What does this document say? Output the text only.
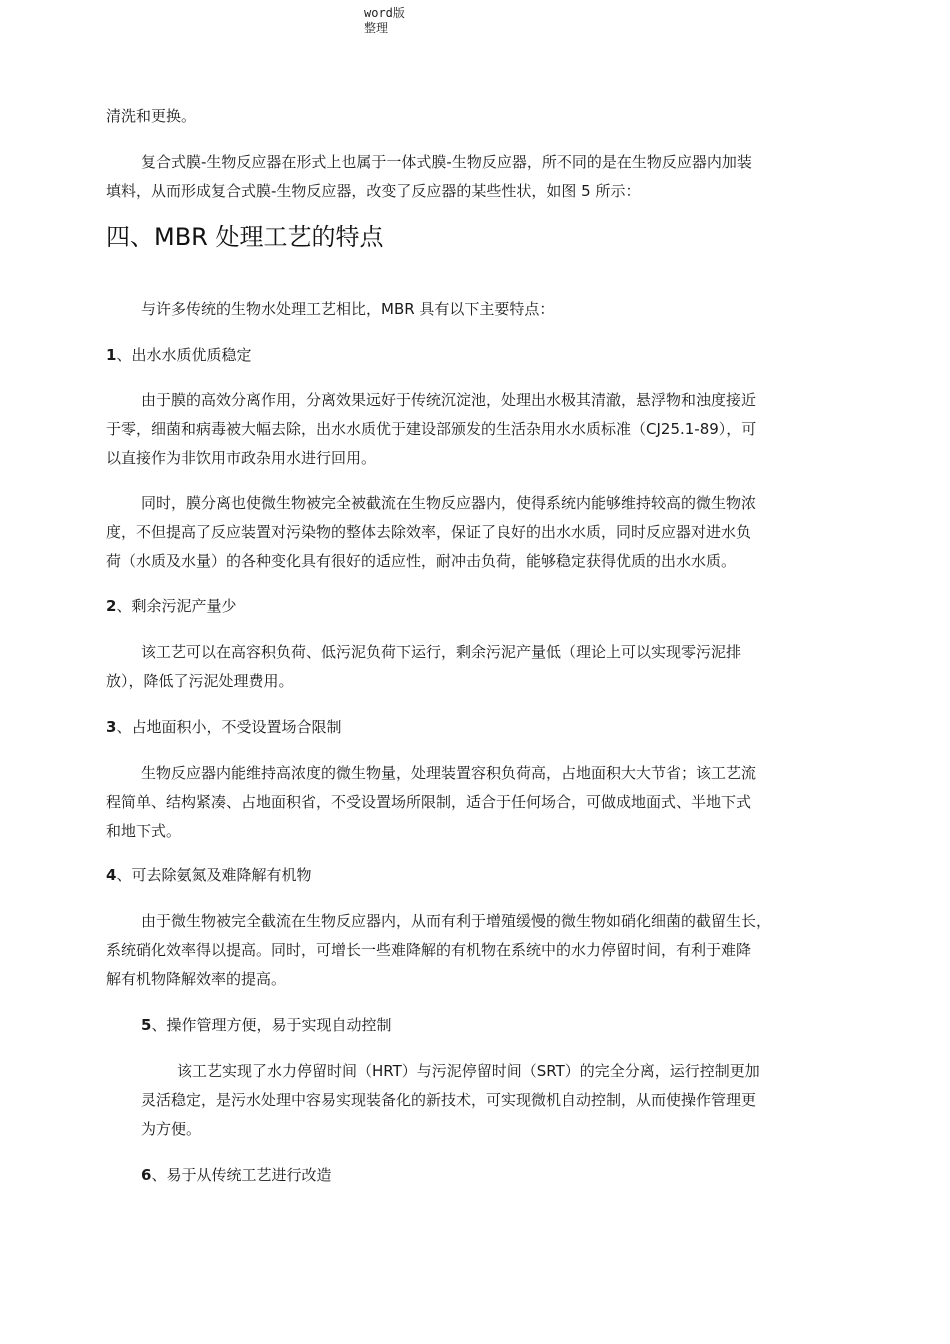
word版
整理

清洗和更换。

复合式膜-生物反应器在形式上也属于一体式膜-生物反应器，所不同的是在生物反应器内加装

填料，从而形成复合式膜-生物反应器，改变了反应器的某些性状，如图 5 所示：

四、MBR 处理工艺的特点

与许多传统的生物水处理工艺相比，MBR 具有以下主要特点：

1、出水水质优质稳定

由于膜的高效分离作用，分离效果远好于传统沉淀池，处理出水极其清澈，悬浮物和浊度接近

于零，细菌和病毒被大幅去除，出水水质优于建设部颁发的生活杂用水水质标准（CJ25.1-89），可

以直接作为非饮用市政杂用水进行回用。

同时，膜分离也使微生物被完全被截流在生物反应器内，使得系统内能够维持较高的微生物浓

度，不但提高了反应装置对污染物的整体去除效率，保证了良好的出水水质，同时反应器对进水负

荷（水质及水量）的各种变化具有很好的适应性，耐冲击负荷，能够稳定获得优质的出水水质。

2、剩余污泥产量少

该工艺可以在高容积负荷、低污泥负荷下运行，剩余污泥产量低（理论上可以实现零污泥排

放），降低了污泥处理费用。

3、占地面积小，不受设置场合限制

生物反应器内能维持高浓度的微生物量，处理装置容积负荷高，占地面积大大节省；该工艺流

程简单、结构紧凑、占地面积省，不受设置场所限制，适合于任何场合，可做成地面式、半地下式

和地下式。

4、可去除氨氮及难降解有机物

由于微生物被完全截流在生物反应器内，从而有利于增殖缓慢的微生物如硝化细菌的截留生长，

系统硝化效率得以提高。同时，可增长一些难降解的有机物在系统中的水力停留时间，有利于难降

解有机物降解效率的提高。

5、操作管理方便，易于实现自动控制

该工艺实现了水力停留时间（HRT）与污泥停留时间（SRT）的完全分离，运行控制更加

灵活稳定，是污水处理中容易实现装备化的新技术，可实现微机自动控制，从而使操作管理更

为方便。

6、易于从传统工艺进行改造
